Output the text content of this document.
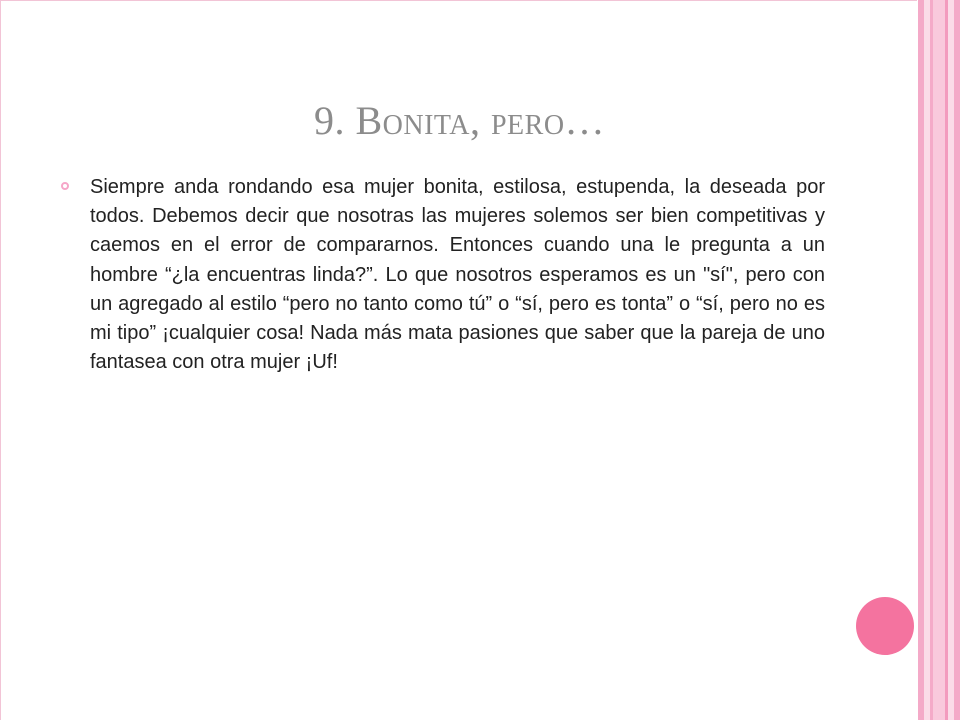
9. Bonita, pero…
Siempre anda rondando esa mujer bonita, estilosa, estupenda, la deseada por todos. Debemos decir que nosotras las mujeres solemos ser bien competitivas y caemos en el error de compararnos. Entonces cuando una le pregunta a un hombre “¿la encuentras linda?”. Lo que nosotros esperamos es un "sí", pero con un agregado al estilo “pero no tanto como tú” o “sí, pero es tonta” o “sí, pero no es mi tipo” ¡cualquier cosa! Nada más mata pasiones que saber que la pareja de uno fantasea con otra mujer ¡Uf!
